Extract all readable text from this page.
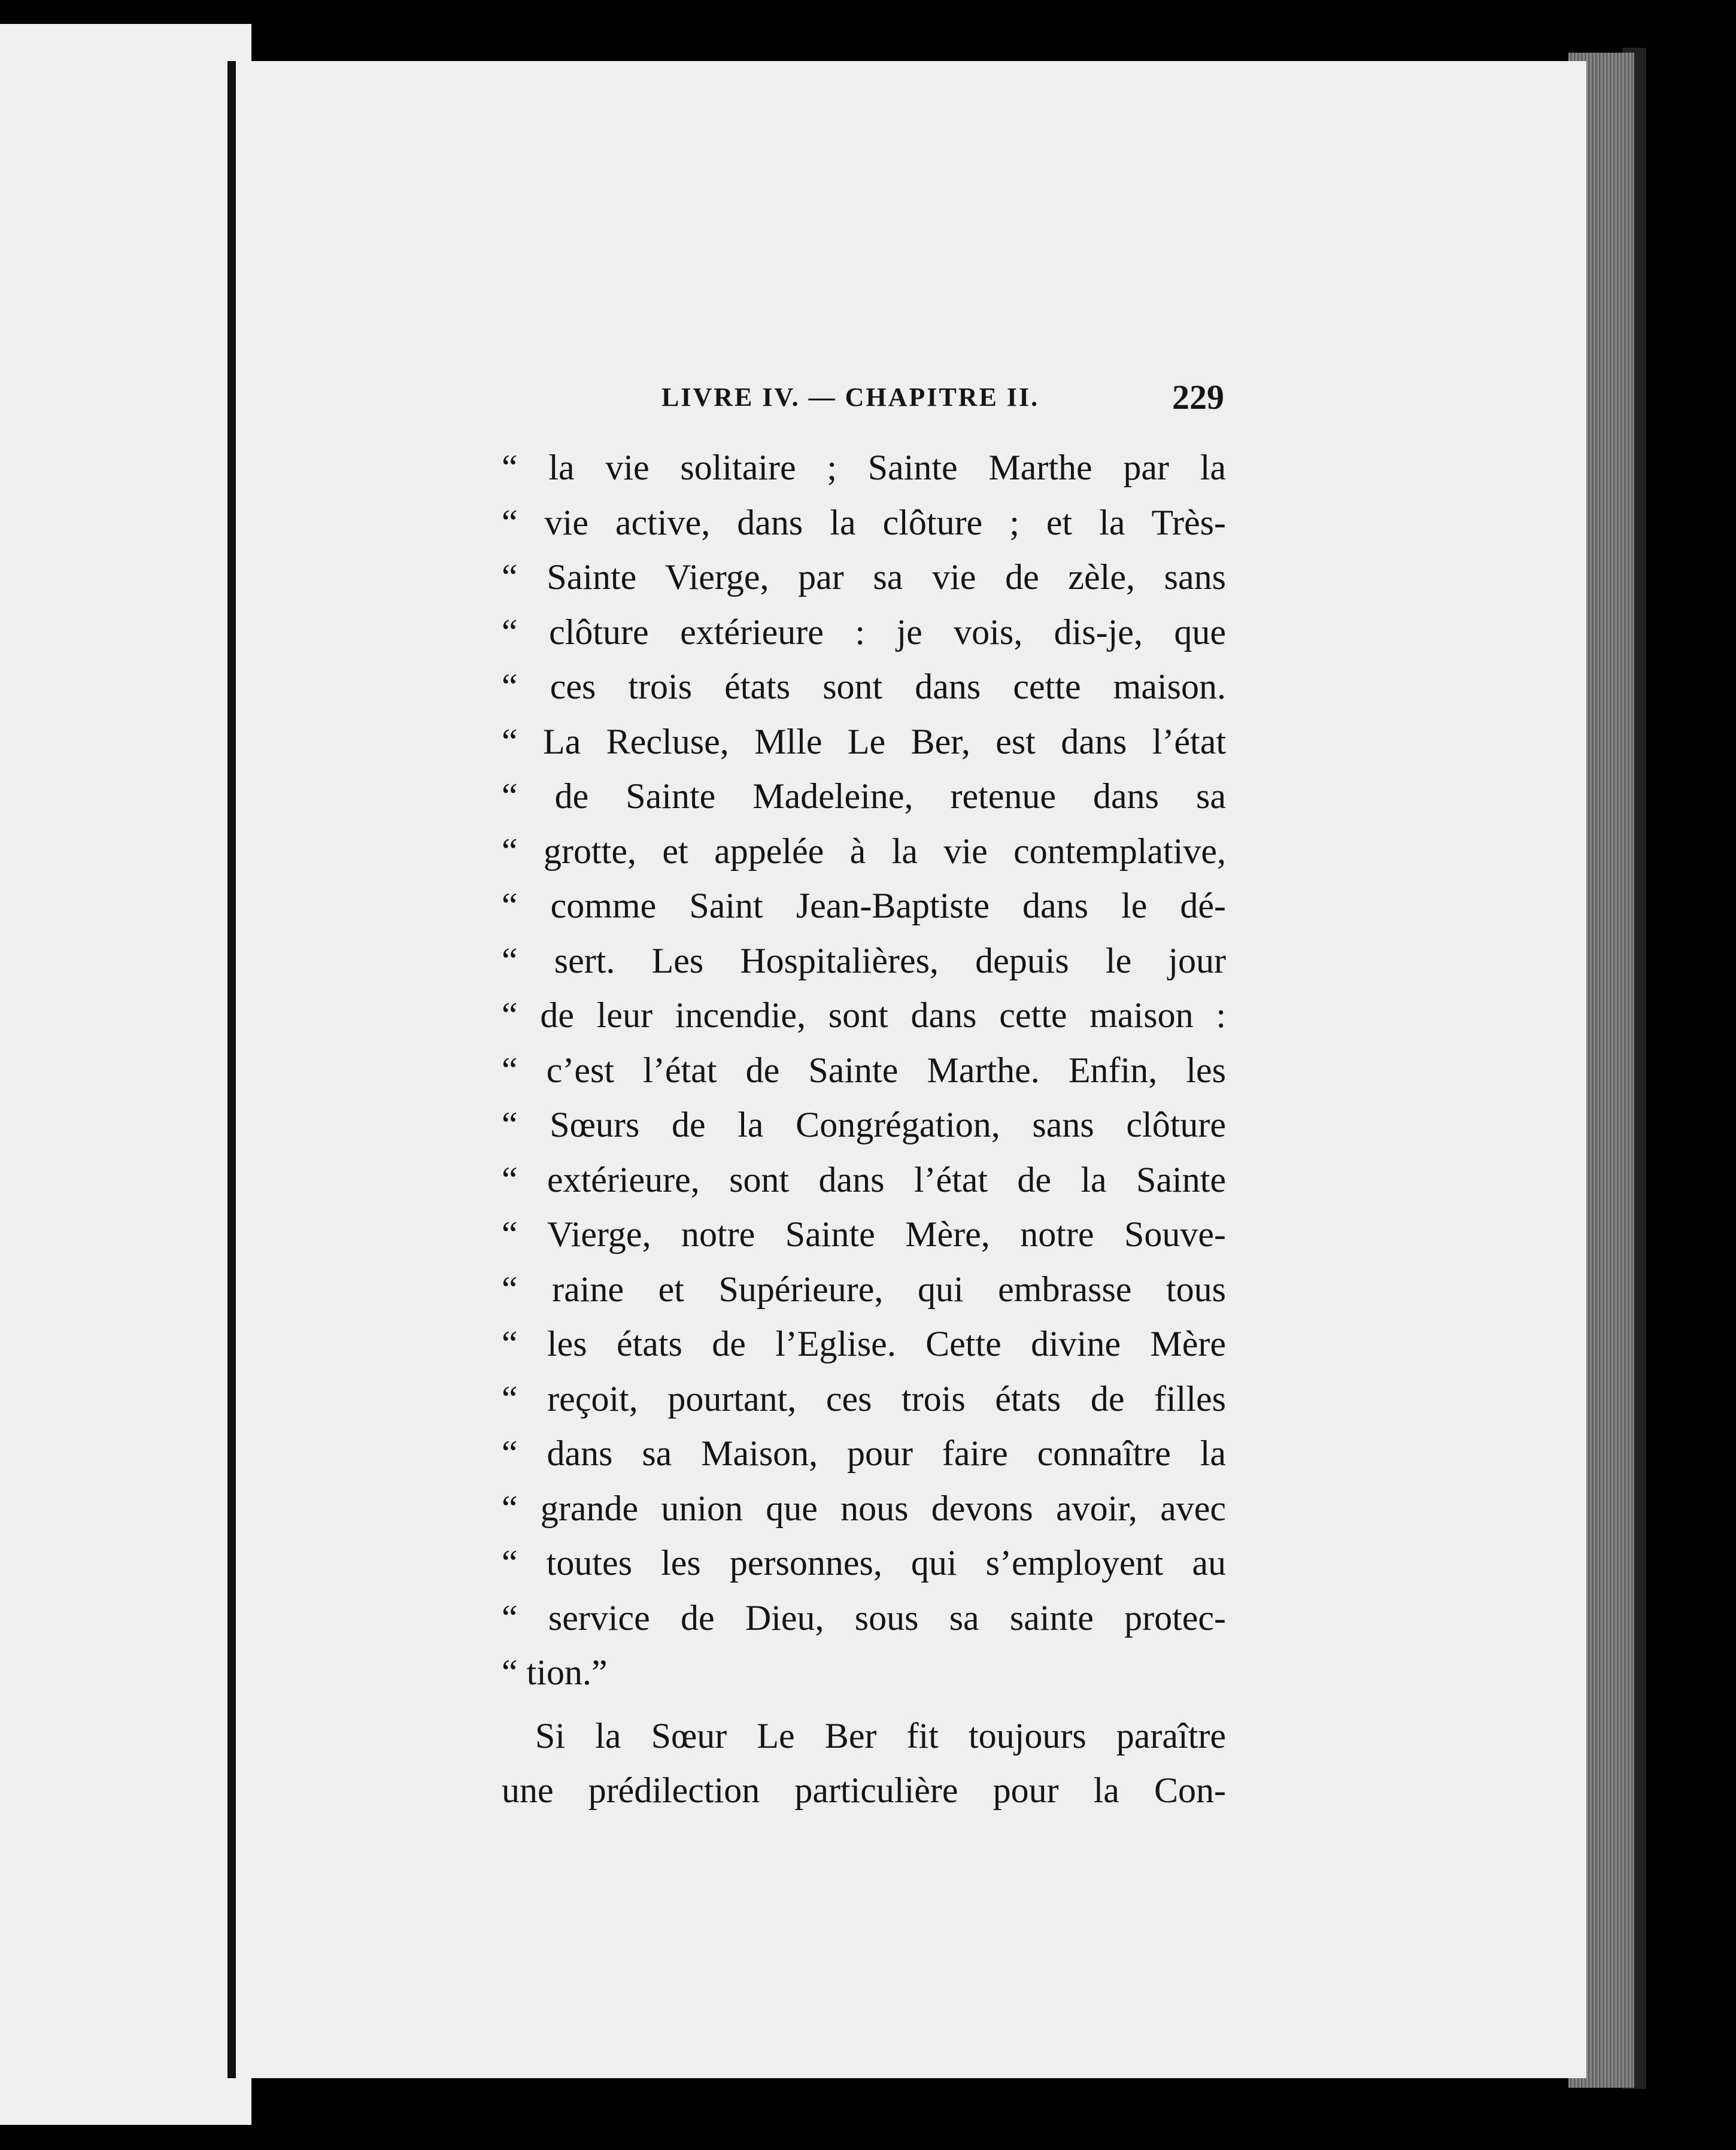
LIVRE IV. — CHAPITRE II.	229
“ la vie solitaire ; Sainte Marthe par la
“ vie active, dans la clôture ; et la Très-
“ Sainte Vierge, par sa vie de zèle, sans
“ clôture extérieure : je vois, dis-je, que
“ ces trois états sont dans cette maison.
“ La Recluse, Mlle Le Ber, est dans l’état
“ de Sainte Madeleine, retenue dans sa
“ grotte, et appelée à la vie contemplative,
“ comme Saint Jean-Baptiste dans le dé-
“ sert. Les Hospitalières, depuis le jour
“ de leur incendie, sont dans cette maison :
“ c’est l’état de Sainte Marthe. Enfin, les
“ Sœurs de la Congrégation, sans clôture
“ extérieure, sont dans l’état de la Sainte
“ Vierge, notre Sainte Mère, notre Souve-
“ raine et Supérieure, qui embrasse tous
“ les états de l’Eglise. Cette divine Mère
“ reçoit, pourtant, ces trois états de filles
“ dans sa Maison, pour faire connaître la
“ grande union que nous devons avoir, avec
“ toutes les personnes, qui s’employent au
“ service de Dieu, sous sa sainte protec-
“ tion.”
Si la Sœur Le Ber fit toujours paraître
une prédilection particulière pour la Con-
